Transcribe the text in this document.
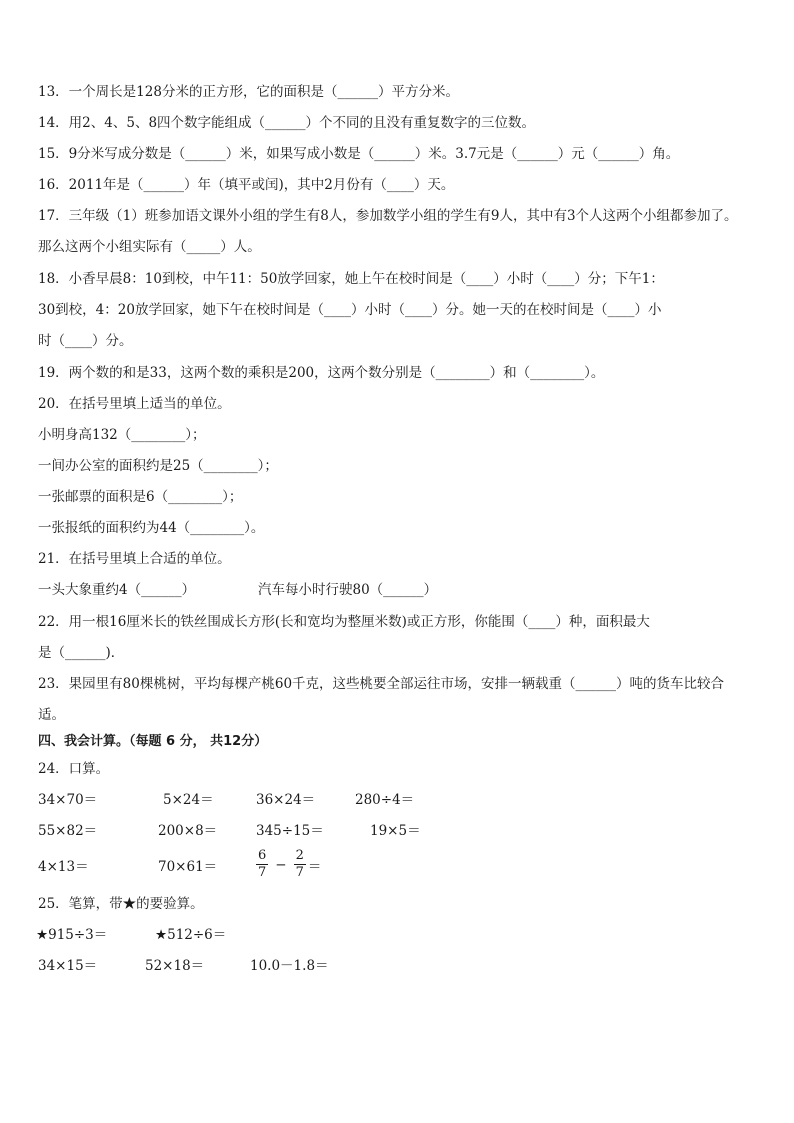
13．一个周长是128分米的正方形，它的面积是（______）平方分米。
14．用2、4、5、8四个数字能组成（______）个不同的且没有重复数字的三位数。
15．9分米写成分数是（______）米，如果写成小数是（______）米。3.7元是（______）元（______）角。
16．2011年是（______）年（填平或闰)，其中2月份有（____）天。
17．三年级（1）班参加语文课外小组的学生有8人，参加数学小组的学生有9人，其中有3个人这两个小组都参加了。
那么这两个小组实际有（_____）人。
18．小香早晨8：10到校，中午11：50放学回家，她上午在校时间是（____）小时（____）分；下午1：
30到校，4：20放学回家，她下午在校时间是（____）小时（____）分。她一天的在校时间是（____）小
时（____）分。
19．两个数的和是33，这两个数的乘积是200，这两个数分别是（________）和（________）。
20．在括号里填上适当的单位。
小明身高132（________）；
一间办公室的面积约是25（________）；
一张邮票的面积是6（________）；
一张报纸的面积约为44（________）。
21．在括号里填上合适的单位。
一头大象重约4（______）	汽车每小时行驶80（______）
22．用一根16厘米长的铁丝围成长方形(长和宽均为整厘米数)或正方形，你能围（____）种，面积最大
是（______)．
23．果园里有80棵桃树，平均每棵产桃60千克，这些桃要全部运往市场，安排一辆载重（______）吨的货车比较合
适。
四、我会计算。（每题 6 分， 共12分）
24．口算。
34×70＝	5×24＝	36×24＝	280÷4＝
55×82＝	200×8＝	345÷15＝	19×5＝
4×13＝	70×61＝	$\frac{6}{7} - \frac{2}{7}$ ＝
25．笔算，带★的要验算。
★915÷3＝	★512÷6＝
34×15＝	52×18＝	10.0－1.8＝
